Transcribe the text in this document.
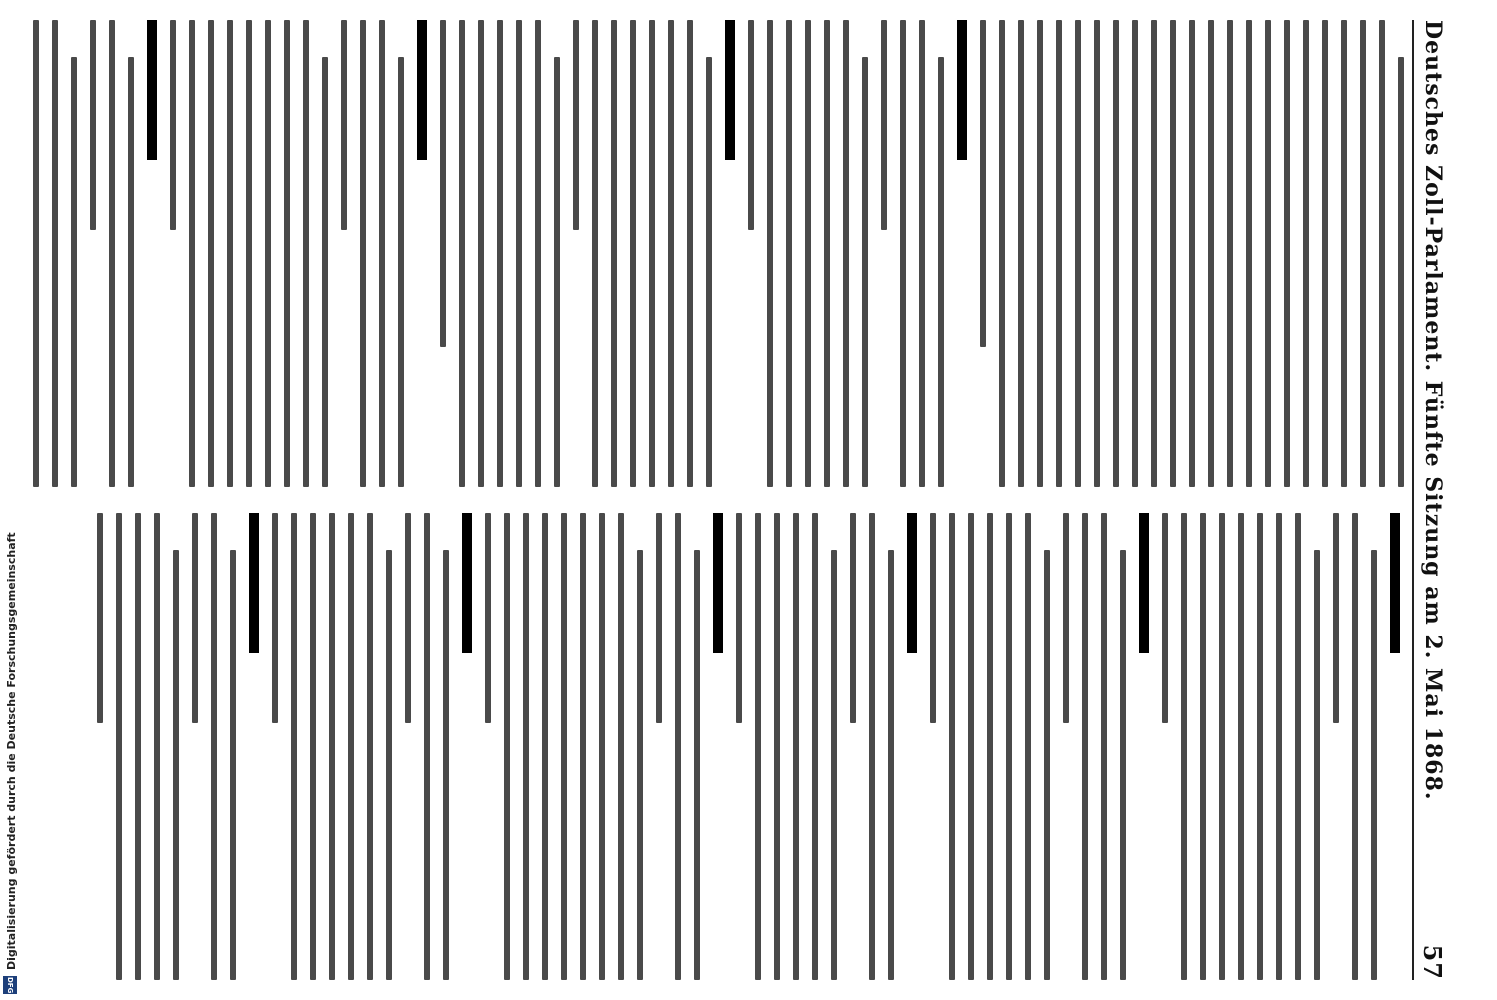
Deutsches Zoll-Parlament. Fünfte Sitzung am 2. Mai 1868.
57
Digitalisierung gefördert durch die Deutsche Forschungsgemeinschaft
DFG
